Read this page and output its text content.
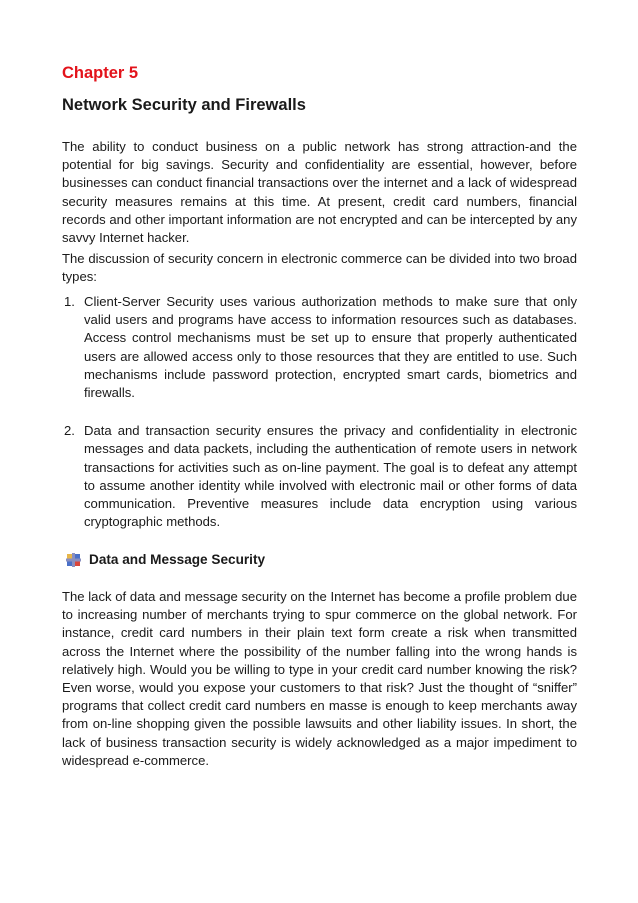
Chapter 5
Network Security and Firewalls

The ability to conduct business on a public network has strong attraction-and the potential for big savings. Security and confidentiality are essential, however, before businesses can conduct financial transactions over the internet and a lack of widespread security measures remains at this time. At present, credit card numbers, financial records and other important information are not encrypted and can be intercepted by any savvy Internet hacker.

The discussion of security concern in electronic commerce can be divided into two broad types:

1. Client-Server Security uses various authorization methods to make sure that only valid users and programs have access to information resources such as databases. Access control mechanisms must be set up to ensure that properly authenticated users are allowed access only to those resources that they are entitled to use. Such mechanisms include password protection, encrypted smart cards, biometrics and firewalls.
2. Data and transaction security ensures the privacy and confidentiality in electronic messages and data packets, including the authentication of remote users in network transactions for activities such as on-line payment. The goal is to defeat any attempt to assume another identity while involved with electronic mail or other forms of data communication. Preventive measures include data encryption using various cryptographic methods.
Data and Message Security

The lack of data and message security on the Internet has become a profile problem due to increasing number of merchants trying to spur commerce on the global network. For instance, credit card numbers in their plain text form create a risk when transmitted across the Internet where the possibility of the number falling into the wrong hands is relatively high. Would you be willing to type in your credit card number knowing the risk? Even worse, would you expose your customers to that risk? Just the thought of “sniffer” programs that collect credit card numbers en masse is enough to keep merchants away from on-line shopping given the possible lawsuits and other liability issues. In short, the lack of business transaction security is widely acknowledged as a major impediment to widespread e-commerce.
